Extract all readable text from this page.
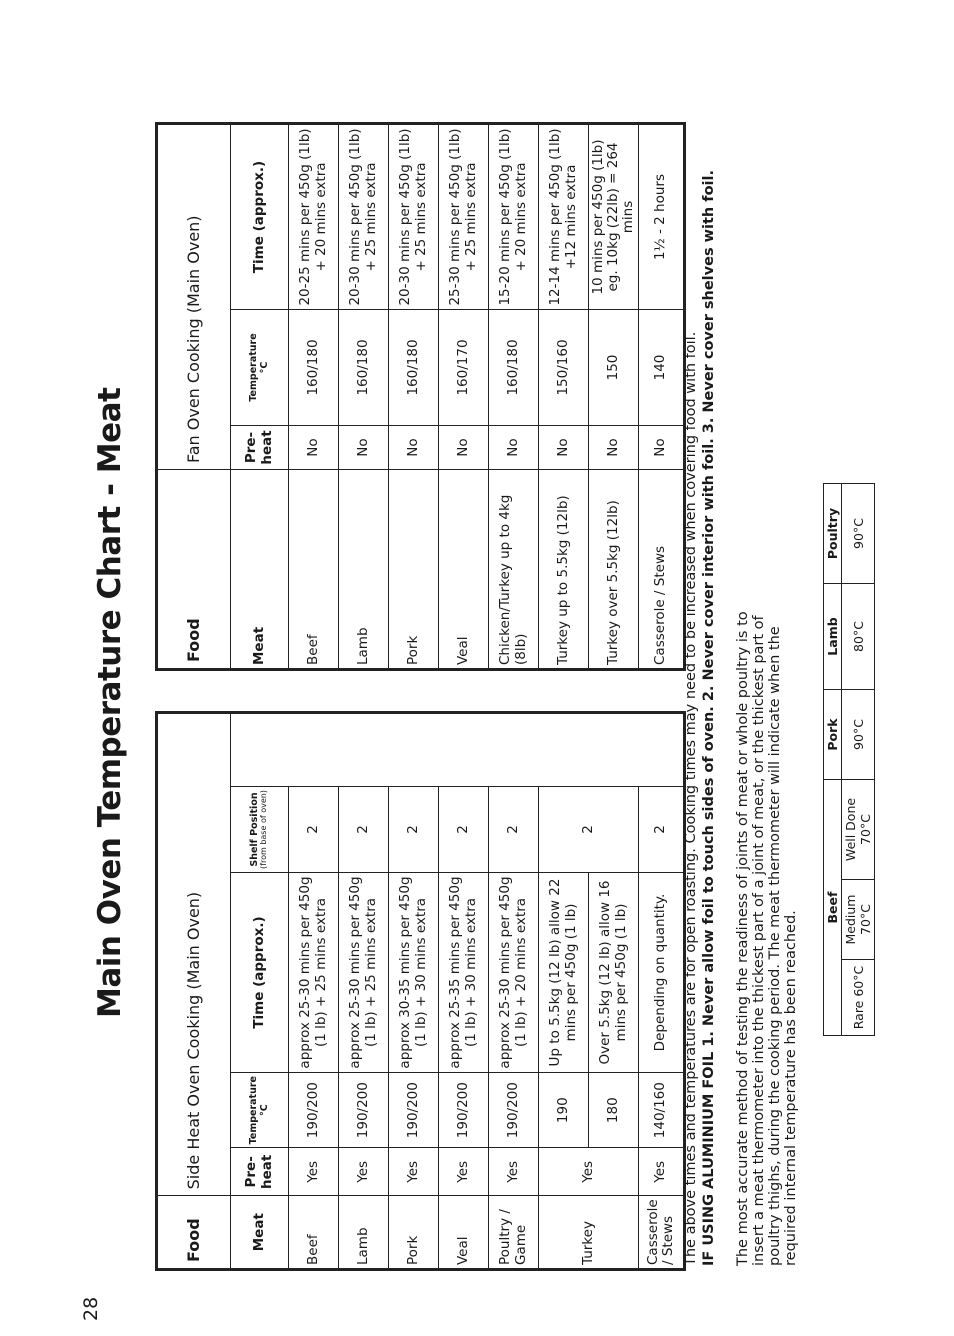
28
Main Oven Temperature Chart - Meat
Food	Side Heat Oven Cooking (Main Oven)			
Meat	Pre-heat	Temperature
°C	Time (approx.)	Shelf Position (from base of oven)

Beef	Yes	190/200	approx 25-30 mins per 450g (1 lb) + 25 mins extra	2
Lamb	Yes	190/200	approx 25-30 mins per 450g (1 lb) + 25 mins extra	2
Pork	Yes	190/200	approx 30-35 mins per 450g (1 lb) + 30 mins extra	2
Veal	Yes	190/200	approx 25-35 mins per 450g (1 lb) + 30 mins extra	2
Poultry / Game	Yes	190/200	approx 25-30 mins per 450g (1 lb) + 20 mins extra	2
Turkey	Yes	190	Up to 5.5kg (12 lb) allow 22 mins per 450g (1 lb)	2
		180	Over 5.5kg (12 lb) allow 16 mins per 450g (1 lb)	
Casserole / Stews	Yes	140/160	Depending on quantity.	2
Food	Fan Oven Cooking (Main Oven)		
Meat	Pre-heat	Temperature
°C	Time (approx.)
Beef	No	160/180	20-25 mins per 450g (1lb) + 20 mins extra
Lamb	No	160/180	20-30 mins per 450g (1lb) + 25 mins extra
Pork	No	160/180	20-30 mins per 450g (1lb) + 25 mins extra
Veal	No	160/170	25-30 mins per 450g (1lb) + 25 mins extra
Chicken/Turkey up to 4kg (8lb)	No	160/180	15-20 mins per 450g (1lb) + 20 mins extra
Turkey up to 5.5kg (12lb)	No	150/160	12-14 mins per 450g (1lb) +12 mins extra
Turkey over 5.5kg (12lb)	No	150	10 mins per 450g (1lb) eg. 10kg (22lb) = 264 mins
Casserole / Stews	No	140	1½ - 2 hours
The above times and temperatures are for open roasting. Cooking times may need to be increased when covering food with foil. IF USING ALUMINIUM FOIL 1. Never allow foil to touch sides of oven. 2. Never cover interior with foil. 3. Never cover shelves with foil. The most accurate method of testing the readiness of joints of meat or whole poultry is to insert a meat thermometer into the thickest part of a joint of meat, or the thickest part of poultry thighs, during the cooking period. The meat thermometer will indicate when the required internal temperature has been reached.
Beef			Pork	Lamb	Poultry
Rare 60°C	Medium 70°C	Well Done 70°C	90°C	80°C	90°C
